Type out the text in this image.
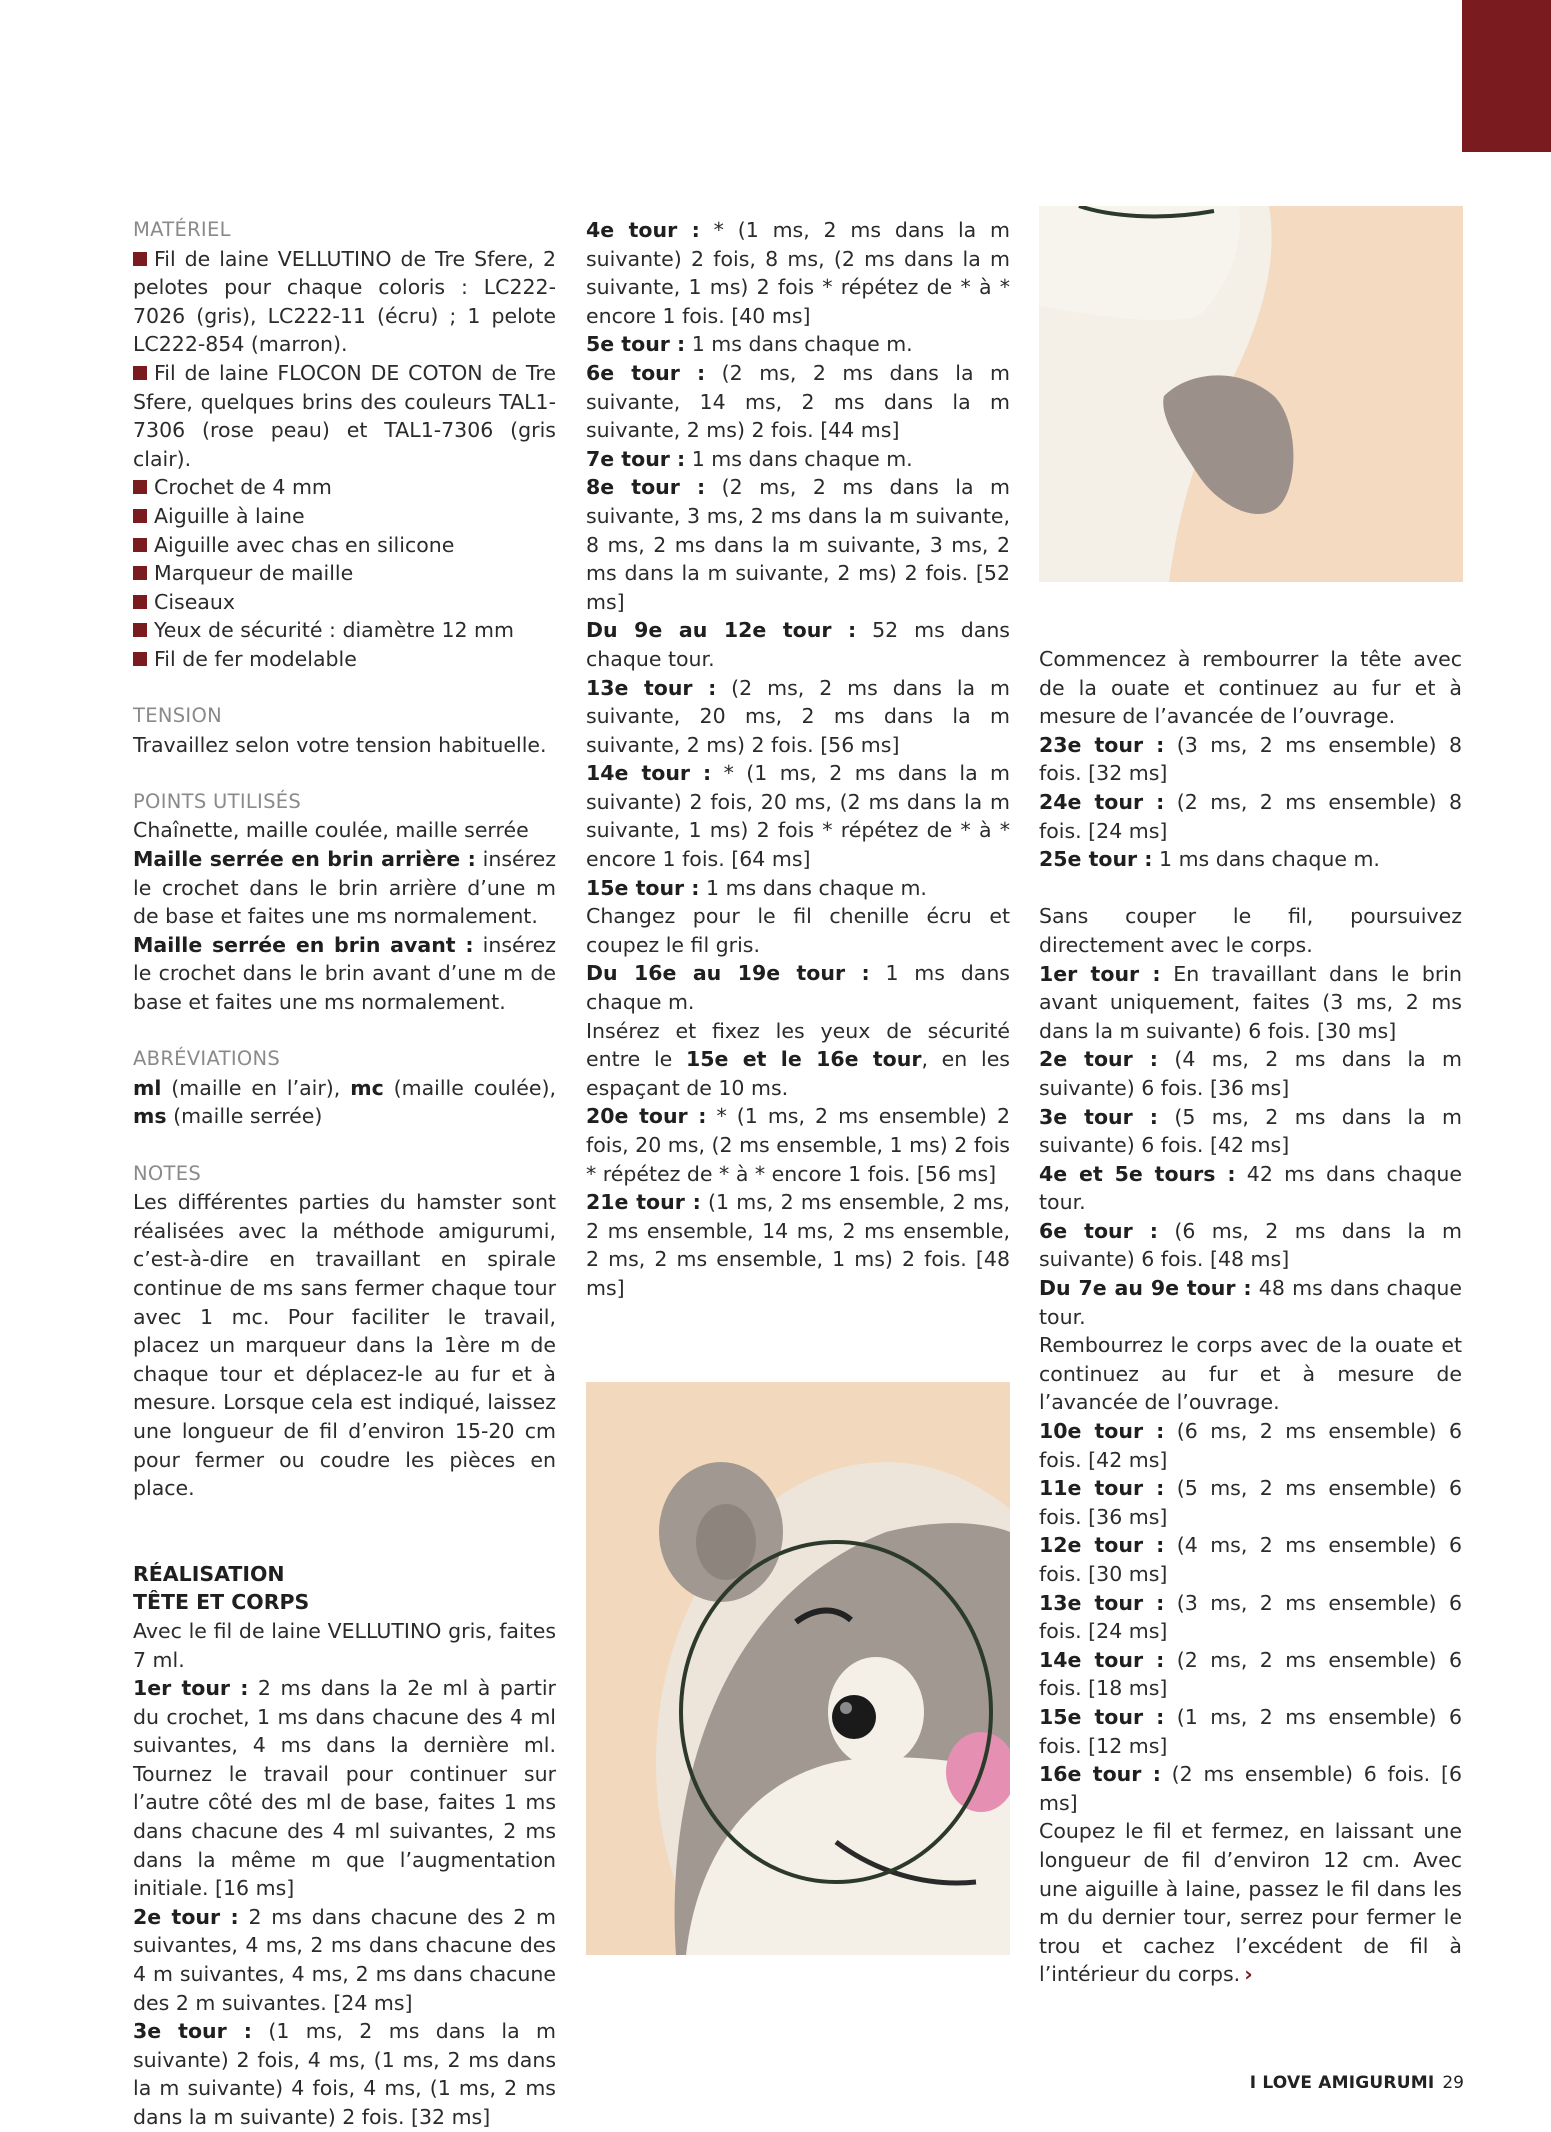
MATÉRIEL

Fil de laine VELLUTINO de Tre Sfere, 2 pelotes pour chaque coloris : LC222-7026 (gris), LC222-11 (écru) ; 1 pelote LC222-854 (marron).

Fil de laine FLOCON DE COTON de Tre Sfere, quelques brins des couleurs TAL1-7306 (rose peau) et TAL1-7306 (gris clair).

Crochet de 4 mm

Aiguille à laine

Aiguille avec chas en silicone

Marqueur de maille

Ciseaux

Yeux de sécurité : diamètre 12 mm

Fil de fer modelable

TENSION

Travaillez selon votre tension habituelle.

POINTS UTILISÉS

Chaînette, maille coulée, maille serrée

Maille serrée en brin arrière : insérez le crochet dans le brin arrière d’une m de base et faites une ms normalement.

Maille serrée en brin avant : insérez le crochet dans le brin avant d’une m de base et faites une ms normalement.

ABRÉVIATIONS

ml (maille en l’air), mc (maille coulée), ms (maille serrée)

NOTES

Les différentes parties du hamster sont réalisées avec la méthode amigurumi, c’est-à-dire en travaillant en spirale continue de ms sans fermer chaque tour avec 1 mc. Pour faciliter le travail, placez un marqueur dans la 1ère m de chaque tour et déplacez-le au fur et à mesure. Lorsque cela est indiqué, laissez une longueur de fil d’environ 15-20 cm pour fermer ou coudre les pièces en place.

RÉALISATION

TÊTE ET CORPS

Avec le fil de laine VELLUTINO gris, faites 7 ml.

1er tour : 2 ms dans la 2e ml à partir du crochet, 1 ms dans chacune des 4 ml suivantes, 4 ms dans la dernière ml. Tournez le travail pour continuer sur l’autre côté des ml de base, faites 1 ms dans chacune des 4 ml suivantes, 2 ms dans la même m que l’augmentation initiale. [16 ms]

2e tour : 2 ms dans chacune des 2 m suivantes, 4 ms, 2 ms dans chacune des 4 m suivantes, 4 ms, 2 ms dans chacune des 2 m suivantes. [24 ms]

3e tour : (1 ms, 2 ms dans la m suivante) 2 fois, 4 ms, (1 ms, 2 ms dans la m suivante) 4 fois, 4 ms, (1 ms, 2 ms dans la m suivante) 2 fois. [32 ms]

4e tour : * (1 ms, 2 ms dans la m suivante) 2 fois, 8 ms, (2 ms dans la m suivante, 1 ms) 2 fois * répétez de * à * encore 1 fois. [40 ms]

5e tour : 1 ms dans chaque m.

6e tour : (2 ms, 2 ms dans la m suivante, 14 ms, 2 ms dans la m suivante, 2 ms) 2 fois. [44 ms]

7e tour : 1 ms dans chaque m.

8e tour : (2 ms, 2 ms dans la m suivante, 3 ms, 2 ms dans la m suivante, 8 ms, 2 ms dans la m suivante, 3 ms, 2 ms dans la m suivante, 2 ms) 2 fois. [52 ms]

Du 9e au 12e tour : 52 ms dans chaque tour.

13e tour : (2 ms, 2 ms dans la m suivante, 20 ms, 2 ms dans la m suivante, 2 ms) 2 fois. [56 ms]

14e tour : * (1 ms, 2 ms dans la m suivante) 2 fois, 20 ms, (2 ms dans la m suivante, 1 ms) 2 fois * répétez de * à * encore 1 fois. [64 ms]

15e tour : 1 ms dans chaque m.

Changez pour le fil chenille écru et coupez le fil gris.

Du 16e au 19e tour : 1 ms dans chaque m.

Insérez et fixez les yeux de sécurité entre le 15e et le 16e tour, en les espaçant de 10 ms.

20e tour : * (1 ms, 2 ms ensemble) 2 fois, 20 ms, (2 ms ensemble, 1 ms) 2 fois * répétez de * à * encore 1 fois. [56 ms]

21e tour : (1 ms, 2 ms ensemble, 2 ms, 2 ms ensemble, 14 ms, 2 ms ensemble, 2 ms, 2 ms ensemble, 1 ms) 2 fois. [48 ms]

Commencez à rembourrer la tête avec de la ouate et continuez au fur et à mesure de l’avancée de l’ouvrage.

23e tour : (3 ms, 2 ms ensemble) 8 fois. [32 ms]

24e tour : (2 ms, 2 ms ensemble) 8 fois. [24 ms]

25e tour : 1 ms dans chaque m.

Sans couper le fil, poursuivez directement avec le corps.

1er tour : En travaillant dans le brin avant uniquement, faites (3 ms, 2 ms dans la m suivante) 6 fois. [30 ms]

2e tour : (4 ms, 2 ms dans la m suivante) 6 fois. [36 ms]

3e tour : (5 ms, 2 ms dans la m suivante) 6 fois. [42 ms]

4e et 5e tours : 42 ms dans chaque tour.

6e tour : (6 ms, 2 ms dans la m suivante) 6 fois. [48 ms]

Du 7e au 9e tour : 48 ms dans chaque tour.

Rembourrez le corps avec de la ouate et continuez au fur et à mesure de l’avancée de l’ouvrage.

10e tour : (6 ms, 2 ms ensemble) 6 fois. [42 ms]

11e tour : (5 ms, 2 ms ensemble) 6 fois. [36 ms]

12e tour : (4 ms, 2 ms ensemble) 6 fois. [30 ms]

13e tour : (3 ms, 2 ms ensemble) 6 fois. [24 ms]

14e tour : (2 ms, 2 ms ensemble) 6 fois. [18 ms]

15e tour : (1 ms, 2 ms ensemble) 6 fois. [12 ms]

16e tour : (2 ms ensemble) 6 fois. [6 ms]

Coupez le fil et fermez, en laissant une longueur de fil d’environ 12 cm. Avec une aiguille à laine, passez le fil dans les m du dernier tour, serrez pour fermer le trou et cachez l’excédent de fil à l’intérieur du corps. ›

I LOVE AMIGURUMI 29
